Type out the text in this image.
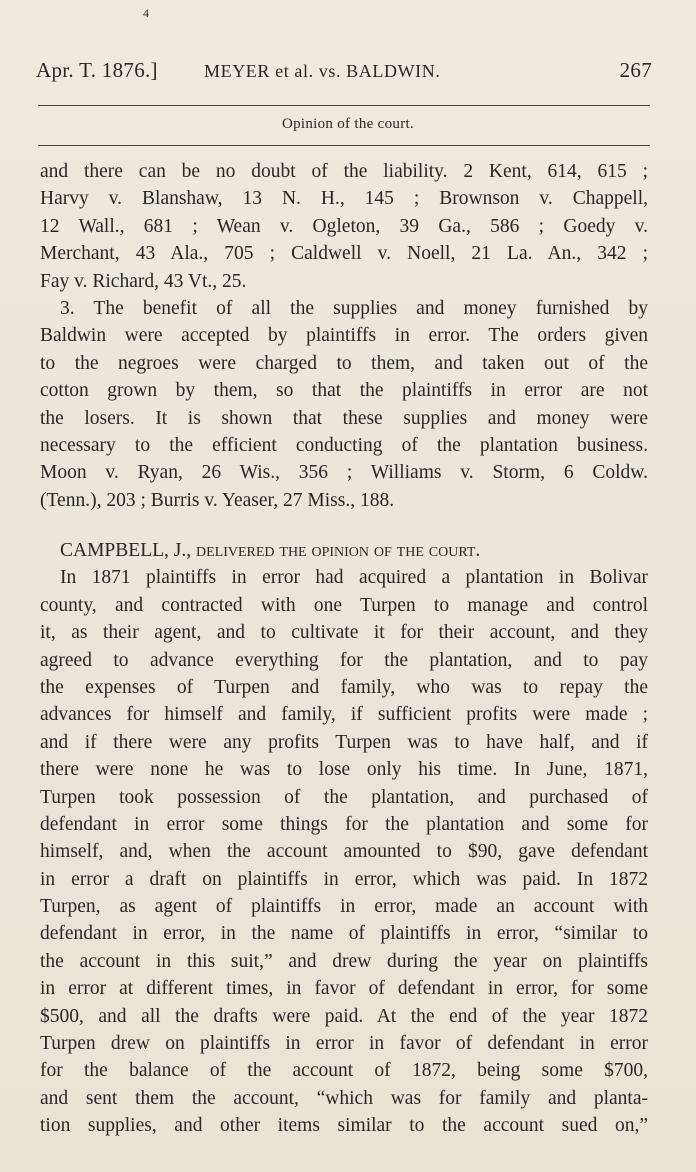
4
Apr. T. 1876.]	MEYER et al. vs. BALDWIN.	267
Opinion of the court.
and there can be no doubt of the liability. 2 Kent, 614, 615 ;
Harvy v. Blanshaw, 13 N. H., 145 ; Brownson v. Chappell,
12 Wall., 681 ; Wean v. Ogleton, 39 Ga., 586 ; Goedy v.
Merchant, 43 Ala., 705 ; Caldwell v. Noell, 21 La. An., 342 ;
Fay v. Richard, 43 Vt., 25.
3. The benefit of all the supplies and money furnished by
Baldwin were accepted by plaintiffs in error. The orders given
to the negroes were charged to them, and taken out of the
cotton grown by them, so that the plaintiffs in error are not
the losers. It is shown that these supplies and money were
necessary to the efficient conducting of the plantation business.
Moon v. Ryan, 26 Wis., 356 ; Williams v. Storm, 6 Coldw.
(Tenn.), 203 ; Burris v. Yeaser, 27 Miss., 188.
CAMPBELL, J., delivered the opinion of the court.
In 1871 plaintiffs in error had acquired a plantation in Bolivar
county, and contracted with one Turpen to manage and control
it, as their agent, and to cultivate it for their account, and they
agreed to advance everything for the plantation, and to pay
the expenses of Turpen and family, who was to repay the
advances for himself and family, if sufficient profits were made ;
and if there were any profits Turpen was to have half, and if
there were none he was to lose only his time. In June, 1871,
Turpen took possession of the plantation, and purchased of
defendant in error some things for the plantation and some for
himself, and, when the account amounted to $90, gave defendant
in error a draft on plaintiffs in error, which was paid. In 1872
Turpen, as agent of plaintiffs in error, made an account with
defendant in error, in the name of plaintiffs in error, “similar to
the account in this suit,” and drew during the year on plaintiffs
in error at different times, in favor of defendant in error, for some
$500, and all the drafts were paid. At the end of the year 1872
Turpen drew on plaintiffs in error in favor of defendant in error
for the balance of the account of 1872, being some $700,
and sent them the account, “which was for family and planta-
tion supplies, and other items similar to the account sued on,”
